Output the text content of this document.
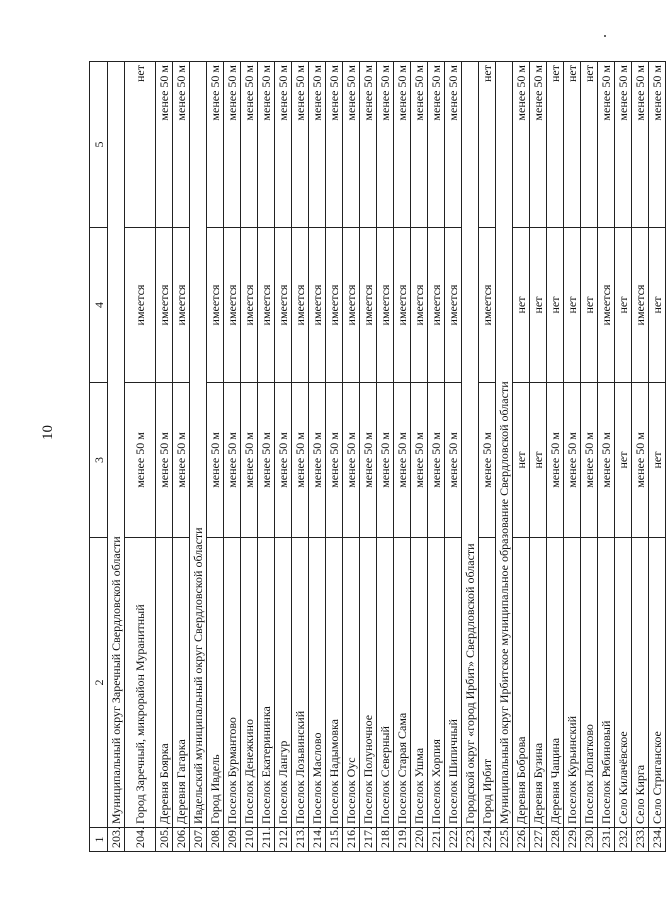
10
1	2	3	4	5
203.	Муниципальный округ Заречный Свердловской области			
204.	Город Заречный, микрорайон Муранитный	менее 50 м	имеется	нет
205.	Деревня Боярка	менее 50 м	имеется	менее 50 м
206.	Деревня Гагарка	менее 50 м	имеется	менее 50 м
207.	Ивдельский муниципальный округ Свердловской области			
208.	Город Ивдель	менее 50 м	имеется	менее 50 м
209.	Поселок Бурмантово	менее 50 м	имеется	менее 50 м
210.	Поселок Денежкино	менее 50 м	имеется	менее 50 м
211.	Поселок Екатерининка	менее 50 м	имеется	менее 50 м
212.	Поселок Лангур	менее 50 м	имеется	менее 50 м
213.	Поселок Лозьвинский	менее 50 м	имеется	менее 50 м
214.	Поселок Маслово	менее 50 м	имеется	менее 50 м
215.	Поселок Надымовка	менее 50 м	имеется	менее 50 м
216.	Поселок Оус	менее 50 м	имеется	менее 50 м
217.	Поселок Полуночное	менее 50 м	имеется	менее 50 м
218.	Поселок Северный	менее 50 м	имеется	менее 50 м
219.	Поселок Старая Сама	менее 50 м	имеется	менее 50 м
220.	Поселок Ушма	менее 50 м	имеется	менее 50 м
221.	Поселок Хорпия	менее 50 м	имеется	менее 50 м
222.	Поселок Шипичный	менее 50 м	имеется	менее 50 м
223.	Городской округ «город Ирбит» Свердловской области			
224.	Город Ирбит	менее 50 м	имеется	нет
225.	Муниципальный округ Ирбитское муниципальное образование Свердловской области			
226.	Деревня Боброва	нет	нет	менее 50 м
227.	Деревня Бузина	нет	нет	менее 50 м
228.	Деревня Чащина	менее 50 м	нет	нет
229.	Поселок Курьинский	менее 50 м	нет	нет
230.	Поселок Лопатково	менее 50 м	нет	нет
231.	Поселок Рябиновый	менее 50 м	имеется	менее 50 м
232.	Село Килачёвское	нет	нет	менее 50 м
233.	Село Кирга	менее 50 м	имеется	менее 50 м
234.	Село Стриганское	нет	нет	менее 50 м
